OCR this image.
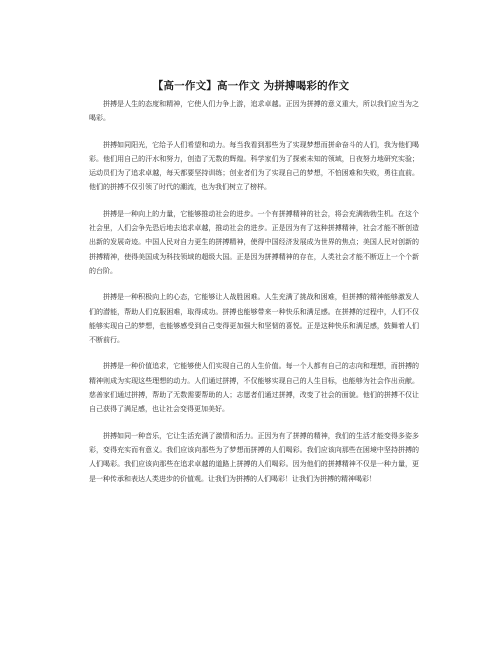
【高一作文】高一作文 为拼搏喝彩的作文

拼搏是人生的态度和精神，它使人们力争上游，追求卓越。正因为拼搏的意义重大，所以我们应当为之喝彩。

拼搏如同阳光，它给予人们希望和动力。每当我看到那些为了实现梦想而拼命奋斗的人们，我为他们喝彩。他们用自己的汗水和努力，创造了无数的辉煌。科学家们为了探索未知的领域，日夜努力地研究实验；运动员们为了追求卓越，每天都要坚持训练；创业者们为了实现自己的梦想，不怕困难和失败，勇往直前。他们的拼搏不仅引领了时代的潮流，也为我们树立了榜样。

拼搏是一种向上的力量，它能够推动社会的进步。一个有拼搏精神的社会，将会充满勃勃生机。在这个社会里，人们会争先恐后地去追求卓越，推动社会的进步。正是因为有了这种拼搏精神，社会才能不断创造出新的发展奇迹。中国人民对自力更生的拼搏精神，使得中国经济发展成为世界的焦点；美国人民对创新的拼搏精神，使得美国成为科技领域的超级大国。正是因为拼搏精神的存在，人类社会才能不断迈上一个个新的台阶。

拼搏是一种积极向上的心态，它能够让人战胜困难。人生充满了挑战和困难，但拼搏的精神能够激发人们的潜能，帮助人们克服困难，取得成功。拼搏也能够带来一种快乐和满足感。在拼搏的过程中，人们不仅能够实现自己的梦想，也能够感受到自己变得更加强大和坚韧的喜悦。正是这种快乐和满足感，鼓舞着人们不断前行。

拼搏是一种价值追求，它能够使人们实现自己的人生价值。每一个人都有自己的志向和理想，而拼搏的精神则成为实现这些理想的动力。人们通过拼搏，不仅能够实现自己的人生目标，也能够为社会作出贡献。慈善家们通过拼搏，帮助了无数需要帮助的人；志愿者们通过拼搏，改变了社会的面貌。他们的拼搏不仅让自己获得了满足感，也让社会变得更加美好。

拼搏如同一种音乐，它让生活充满了激情和活力。正因为有了拼搏的精神，我们的生活才能变得多姿多彩，变得充实而有意义。我们应该向那些为了梦想而拼搏的人们喝彩。我们应该向那些在困境中坚持拼搏的人们喝彩。我们应该向那些在追求卓越的道路上拼搏的人们喝彩。因为他们的拼搏精神不仅是一种力量，更是一种传承和表达人类进步的价值观。让我们为拼搏的人们喝彩！让我们为拼搏的精神喝彩！
